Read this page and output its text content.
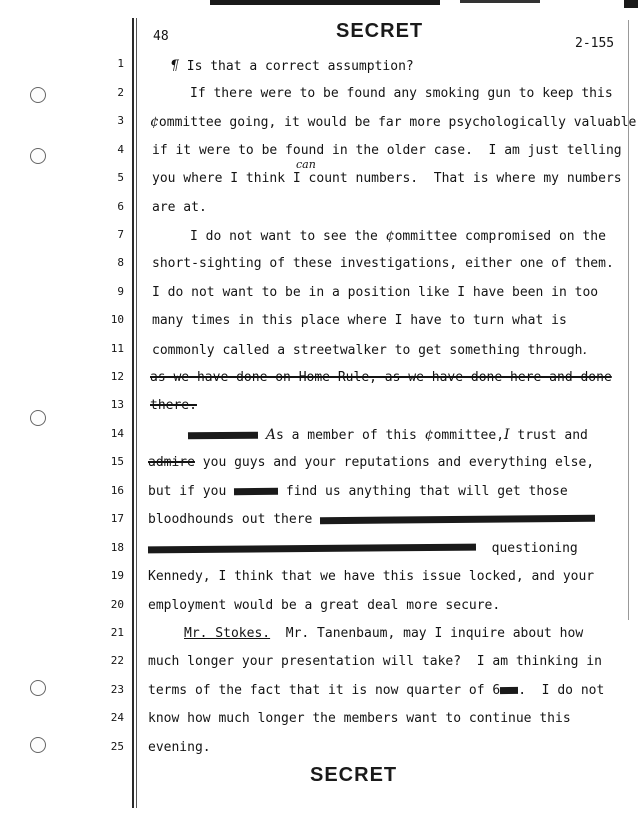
48	SECRET
2-155
1
2
3
4
5
6
7
8
9
10
11
12
13
14
15
16
17
18
19
20
21
22
23
24
25
¶ Is that a correct assumption?
If there were to be found any smoking gun to keep this
¢ommittee going, it would be far more psychologically valuable
if it were to be found in the older case.  I am just telling
can
you where I think I count numbers.  That is where my numbers
are at.
I do not want to see the ¢ommittee compromised on the
short-sighting of these investigations, either one of them.
I do not want to be in a position like I have been in too
many times in this place where I have to turn what is
commonly called a streetwalker to get something through.
as we have done on Home Rule, as we have done here and done
there.
As a member of this ¢ommittee,I trust and
admire you guys and your reputations and everything else,
but if you	find us anything that will get those
bloodhounds out there
questioning
Kennedy, I think that we have this issue locked, and your
employment would be a great deal more secure.
Mr. Stokes.  Mr. Tanenbaum, may I inquire about how
much longer your presentation will take?  I am thinking in
terms of the fact that it is now quarter of 6 .  I do not
know how much longer the members want to continue this
evening.
SECRET
